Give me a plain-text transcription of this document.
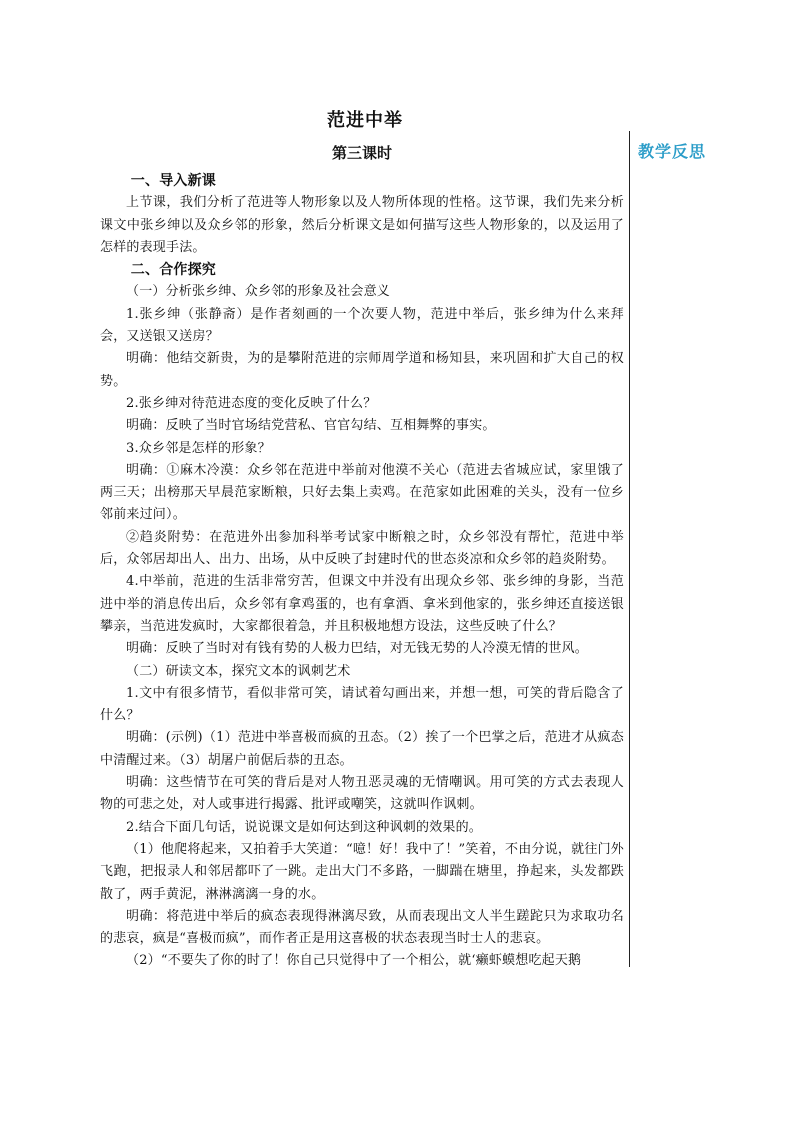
范进中举
第三课时

一、导入新课

上节课，我们分析了范进等人物形象以及人物所体现的性格。这节课，我们先来分析课文中张乡绅以及众乡邻的形象，然后分析课文是如何描写这些人物形象的，以及运用了怎样的表现手法。

二、合作探究

（一）分析张乡绅、众乡邻的形象及社会意义

1.张乡绅（张静斋）是作者刻画的一个次要人物，范进中举后，张乡绅为什么来拜会，又送银又送房？

明确：他结交新贵，为的是攀附范进的宗师周学道和杨知县，来巩固和扩大自己的权势。

2.张乡绅对待范进态度的变化反映了什么？

明确：反映了当时官场结党营私、官官勾结、互相舞弊的事实。

3.众乡邻是怎样的形象？

明确：①麻木冷漠：众乡邻在范进中举前对他漠不关心（范进去省城应试，家里饿了两三天；出榜那天早晨范家断粮，只好去集上卖鸡。在范家如此困难的关头，没有一位乡邻前来过问）。

②趋炎附势：在范进外出参加科举考试家中断粮之时，众乡邻没有帮忙，范进中举后，众邻居却出人、出力、出场，从中反映了封建时代的世态炎凉和众乡邻的趋炎附势。

4.中举前，范进的生活非常穷苦，但课文中并没有出现众乡邻、张乡绅的身影，当范进中举的消息传出后，众乡邻有拿鸡蛋的，也有拿酒、拿米到他家的，张乡绅还直接送银攀亲，当范进发疯时，大家都很着急，并且积极地想方设法，这些反映了什么？

明确：反映了当时对有钱有势的人极力巴结，对无钱无势的人冷漠无情的世风。

（二）研读文本，探究文本的讽刺艺术

1.文中有很多情节，看似非常可笑，请试着勾画出来，并想一想，可笑的背后隐含了什么？

明确：(示例)（1）范进中举喜极而疯的丑态。（2）挨了一个巴掌之后，范进才从疯态中清醒过来。（3）胡屠户前倨后恭的丑态。

明确：这些情节在可笑的背后是对人物丑恶灵魂的无情嘲讽。用可笑的方式去表现人物的可悲之处，对人或事进行揭露、批评或嘲笑，这就叫作讽刺。

2.结合下面几句话，说说课文是如何达到这种讽刺的效果的。

（1）他爬将起来，又拍着手大笑道：“噫！好！我中了！”笑着，不由分说，就往门外飞跑，把报录人和邻居都吓了一跳。走出大门不多路，一脚踹在塘里，挣起来，头发都跌散了，两手黄泥，淋淋漓漓一身的水。

明确：将范进中举后的疯态表现得淋漓尽致，从而表现出文人半生蹉跎只为求取功名的悲哀，疯是“喜极而疯”，而作者正是用这喜极的状态表现当时士人的悲哀。

（2）“不要失了你的时了！你自己只觉得中了一个相公，就‘癞虾蟆想吃起天鹅

教学反思
